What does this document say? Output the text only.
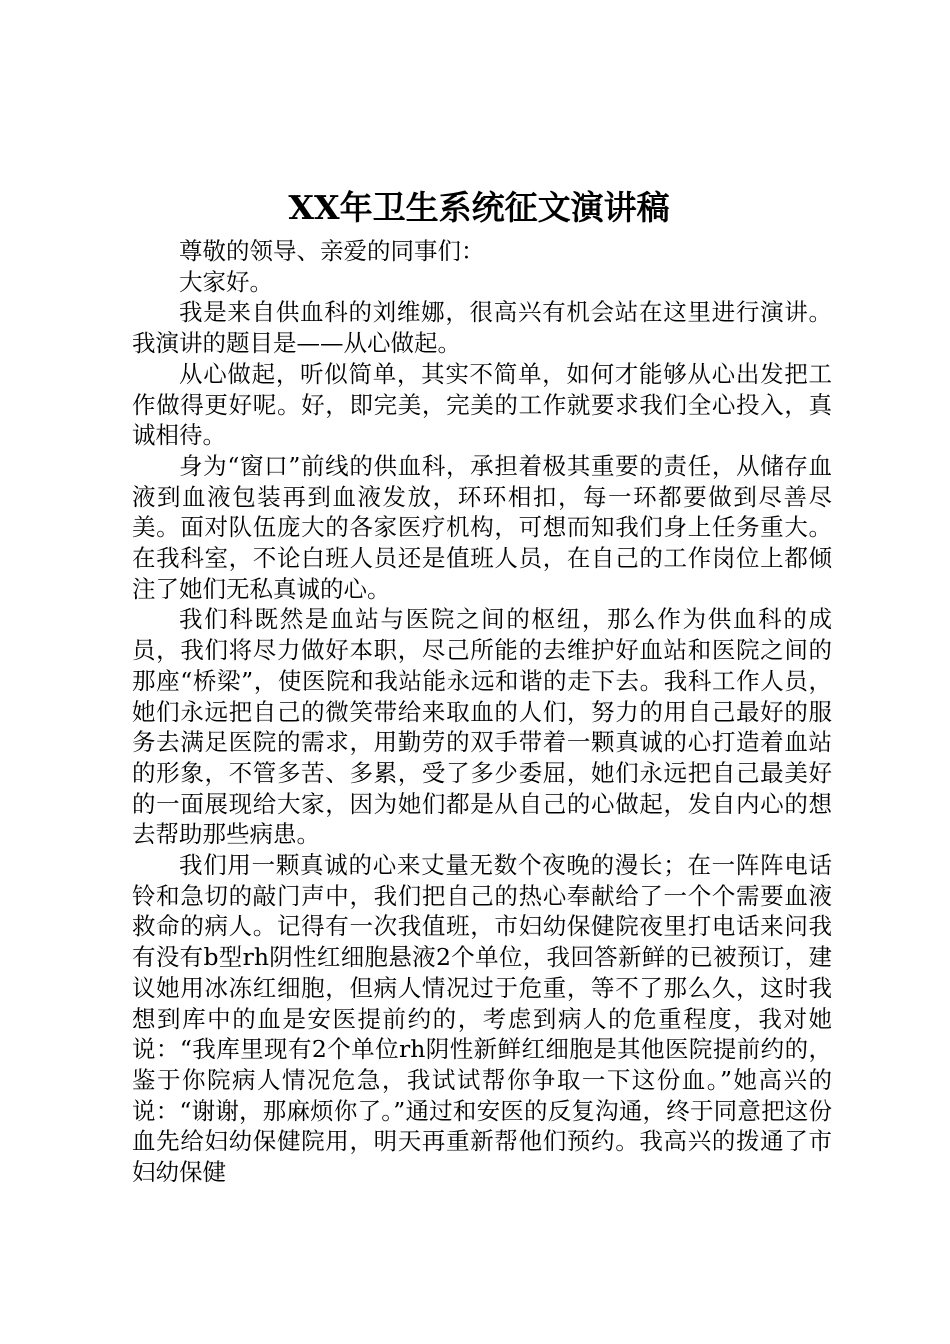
XX年卫生系统征文演讲稿

尊敬的领导、亲爱的同事们：

大家好。

我是来自供血科的刘维娜，很高兴有机会站在这里进行演讲。我演讲的题目是——从心做起。

从心做起，听似简单，其实不简单，如何才能够从心出发把工作做得更好呢。好，即完美，完美的工作就要求我们全心投入，真诚相待。

身为“窗口”前线的供血科，承担着极其重要的责任，从储存血液到血液包装再到血液发放，环环相扣，每一环都要做到尽善尽美。面对队伍庞大的各家医疗机构，可想而知我们身上任务重大。在我科室，不论白班人员还是值班人员，在自己的工作岗位上都倾注了她们无私真诚的心。

我们科既然是血站与医院之间的枢纽，那么作为供血科的成员，我们将尽力做好本职，尽己所能的去维护好血站和医院之间的那座“桥梁”，使医院和我站能永远和谐的走下去。我科工作人员，她们永远把自己的微笑带给来取血的人们，努力的用自己最好的服务去满足医院的需求，用勤劳的双手带着一颗真诚的心打造着血站的形象，不管多苦、多累，受了多少委屈，她们永远把自己最美好的一面展现给大家，因为她们都是从自己的心做起，发自内心的想去帮助那些病患。

我们用一颗真诚的心来丈量无数个夜晚的漫长；在一阵阵电话铃和急切的敲门声中，我们把自己的热心奉献给了一个个需要血液救命的病人。记得有一次我值班，市妇幼保健院夜里打电话来问我有没有b型rh阴性红细胞悬液2个单位，我回答新鲜的已被预订，建议她用冰冻红细胞，但病人情况过于危重，等不了那么久，这时我想到库中的血是安医提前约的，考虑到病人的危重程度，我对她说：“我库里现有2个单位rh阴性新鲜红细胞是其他医院提前约的，鉴于你院病人情况危急，我试试帮你争取一下这份血。”她高兴的说：“谢谢，那麻烦你了。”通过和安医的反复沟通，终于同意把这份血先给妇幼保健院用，明天再重新帮他们预约。我高兴的拨通了市妇幼保健
